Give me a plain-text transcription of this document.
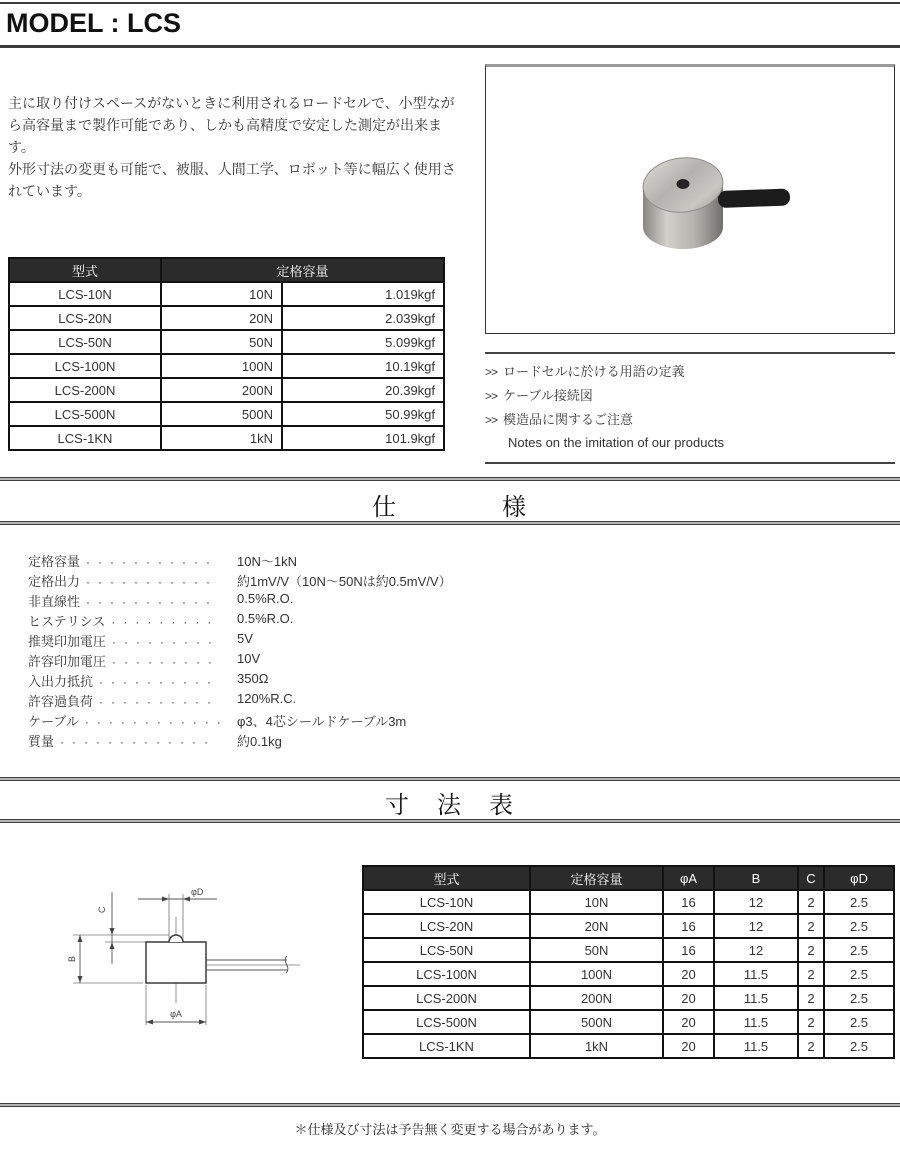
MODEL : LCS

主に取り付けスペースがないときに利用されるロードセルで、小型ながら高容量まで製作可能であり、しかも高精度で安定した測定が出来ます。
外形寸法の変更も可能で、被服、人間工学、ロボット等に幅広く使用されています。

型式	定格容量	
LCS-10N	10N	1.019kgf
LCS-20N	20N	2.039kgf
LCS-50N	50N	5.099kgf
LCS-100N	100N	10.19kgf
LCS-200N	200N	20.39kgf
LCS-500N	500N	50.99kgf
LCS-1KN	1kN	101.9kgf
>> ロードセルに於ける用語の定義
>> ケーブル接続図
>> 模造品に関するご注意
Notes on the imitation of our products
仕　　　　様
定格容量 ··········· 10N～1kN
定格出力 ··········· 約1mV/V（10N～50Nは約0.5mV/V）
非直線性 ··········· 0.5%R.O.
ヒステリシス ········· 0.5%R.O.
推奨印加電圧 ········· 5V
許容印加電圧 ········· 10V
入出力抵抗 ·········· 350Ω
許容過負荷 ·········· 120%R.C.
ケーブル ············ φ3、4芯シールドケーブル3m
質量 ············· 約0.1kg
寸　法　表
φD
C
B
φA
型式	定格容量	φA	B	C	φD
LCS-10N	10N	16	12	2	2.5
LCS-20N	20N	16	12	2	2.5
LCS-50N	50N	16	12	2	2.5
LCS-100N	100N	20	11.5	2	2.5
LCS-200N	200N	20	11.5	2	2.5
LCS-500N	500N	20	11.5	2	2.5
LCS-1KN	1kN	20	11.5	2	2.5
＊仕様及び寸法は予告無く変更する場合があります。
